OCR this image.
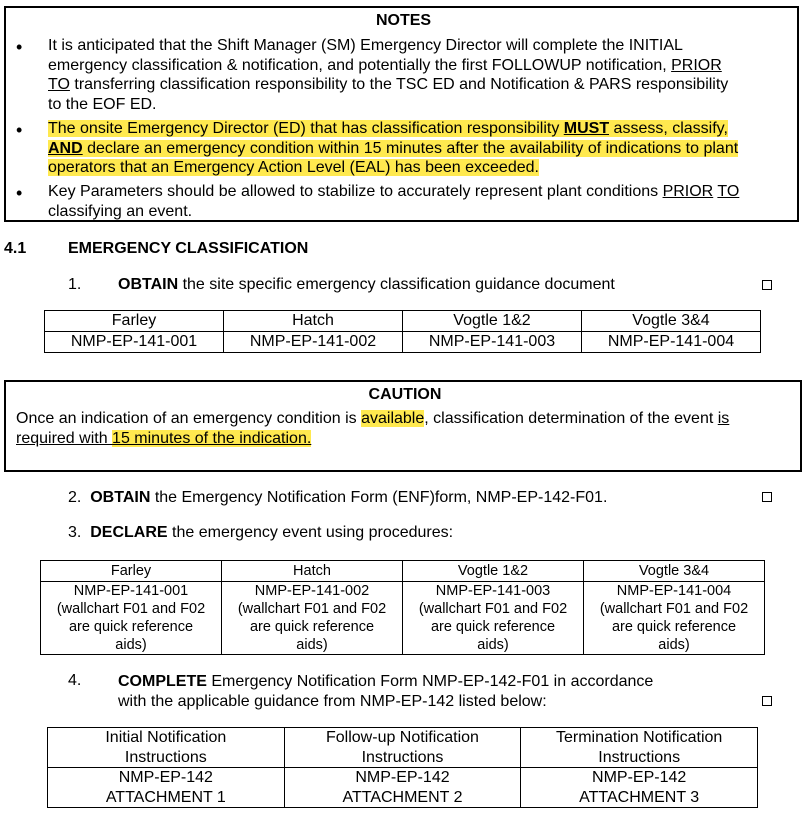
NOTES
• It is anticipated that the Shift Manager (SM) Emergency Director will complete the INITIAL
emergency classification & notification, and potentially the first FOLLOWUP notification, PRIOR
TO transferring classification responsibility to the TSC ED and Notification & PARS responsibility
to the EOF ED.
• The onsite Emergency Director (ED) that has classification responsibility MUST assess, classify,
AND declare an emergency condition within 15 minutes after the availability of indications to plant
operators that an Emergency Action Level (EAL) has been exceeded.
• Key Parameters should be allowed to stabilize to accurately represent plant conditions PRIOR TO
classifying an event.
4.1	EMERGENCY CLASSIFICATION
1. OBTAIN the site specific emergency classification guidance document
Farley	Hatch	Vogtle 1&2	Vogtle 3&4
NMP-EP-141-001	NMP-EP-141-002	NMP-EP-141-003	NMP-EP-141-004
CAUTION
Once an indication of an emergency condition is available, classification determination of the event is
required with 15 minutes of the indication.
2. OBTAIN the Emergency Notification Form (ENF)form, NMP-EP-142-F01.
3. DECLARE the emergency event using procedures:
Farley	Hatch	Vogtle 1&2	Vogtle 3&4
NMP-EP-141-001
(wallchart F01 and F02
are quick reference
aids)	NMP-EP-141-002
(wallchart F01 and F02
are quick reference
aids)	NMP-EP-141-003
(wallchart F01 and F02
are quick reference
aids)	NMP-EP-141-004
(wallchart F01 and F02
are quick reference
aids)
4. COMPLETE Emergency Notification Form NMP-EP-142-F01 in accordance
with the applicable guidance from NMP-EP-142 listed below:
Initial Notification
Instructions	Follow-up Notification
Instructions	Termination Notification
Instructions
NMP-EP-142
ATTACHMENT 1	NMP-EP-142
ATTACHMENT 2	NMP-EP-142
ATTACHMENT 3
